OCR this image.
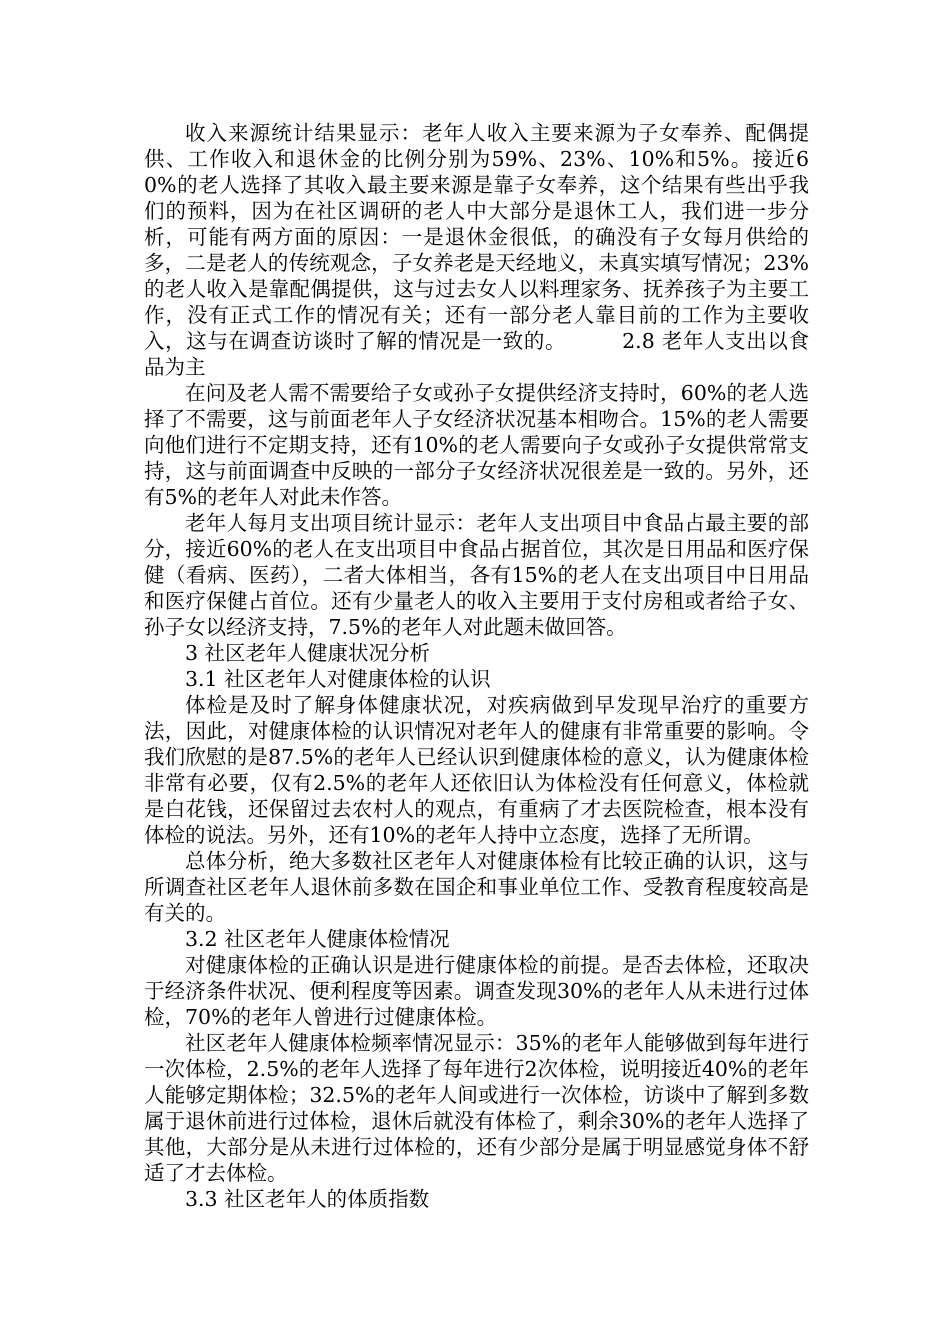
收入来源统计结果显示：老年人收入主要来源为子女奉养、配偶提供、工作收入和退休金的比例分别为59%、23%、10%和5%。接近60%的老人选择了其收入最主要来源是靠子女奉养，这个结果有些出乎我们的预料，因为在社区调研的老人中大部分是退休工人，我们进一步分析，可能有两方面的原因：一是退休金很低，的确没有子女每月供给的多，二是老人的传统观念，子女养老是天经地义，未真实填写情况；23%的老人收入是靠配偶提供，这与过去女人以料理家务、抚养孩子为主要工作，没有正式工作的情况有关；还有一部分老人靠目前的工作为主要收入，这与在调查访谈时了解的情况是一致的。	2.8 老年人支出以食品为主

在问及老人需不需要给子女或孙子女提供经济支持时，60%的老人选择了不需要，这与前面老年人子女经济状况基本相吻合。15%的老人需要向他们进行不定期支持，还有10%的老人需要向子女或孙子女提供常常支持，这与前面调查中反映的一部分子女经济状况很差是一致的。另外，还有5%的老年人对此未作答。

老年人每月支出项目统计显示：老年人支出项目中食品占最主要的部分，接近60%的老人在支出项目中食品占据首位，其次是日用品和医疗保健（看病、医药），二者大体相当，各有15%的老人在支出项目中日用品和医疗保健占首位。还有少量老人的收入主要用于支付房租或者给子女、孙子女以经济支持，7.5%的老年人对此题未做回答。

3 社区老年人健康状况分析

3.1 社区老年人对健康体检的认识

体检是及时了解身体健康状况，对疾病做到早发现早治疗的重要方法，因此，对健康体检的认识情况对老年人的健康有非常重要的影响。令我们欣慰的是87.5%的老年人已经认识到健康体检的意义，认为健康体检非常有必要，仅有2.5%的老年人还依旧认为体检没有任何意义，体检就是白花钱，还保留过去农村人的观点，有重病了才去医院检查，根本没有体检的说法。另外，还有10%的老年人持中立态度，选择了无所谓。

总体分析，绝大多数社区老年人对健康体检有比较正确的认识，这与所调查社区老年人退休前多数在国企和事业单位工作、受教育程度较高是有关的。

3.2 社区老年人健康体检情况

对健康体检的正确认识是进行健康体检的前提。是否去体检，还取决于经济条件状况、便利程度等因素。调查发现30%的老年人从未进行过体检，70%的老年人曾进行过健康体检。

社区老年人健康体检频率情况显示：35%的老年人能够做到每年进行一次体检，2.5%的老年人选择了每年进行2次体检，说明接近40%的老年人能够定期体检；32.5%的老年人间或进行一次体检，访谈中了解到多数属于退休前进行过体检，退休后就没有体检了，剩余30%的老年人选择了其他，大部分是从未进行过体检的，还有少部分是属于明显感觉身体不舒适了才去体检。

3.3 社区老年人的体质指数
